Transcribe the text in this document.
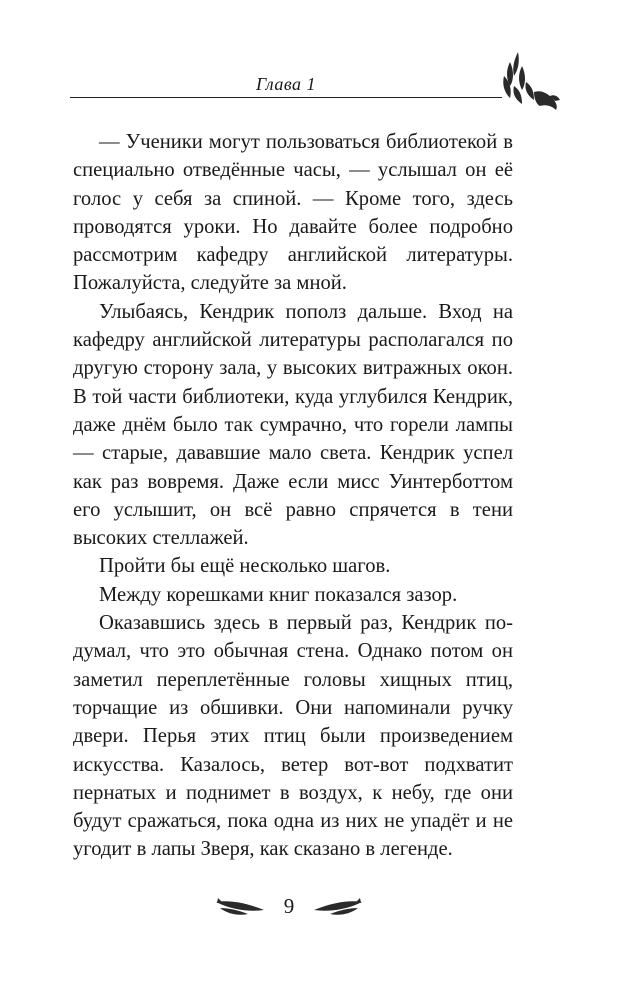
Глава 1

— Ученики могут пользоваться библиотекой в специально отведённые часы, — услышал он её голос у себя за спиной. — Кроме того, здесь проводятся уроки. Но давайте более подробно рассмотрим кафедру английской литературы. Пожалуйста, следуйте за мной.

Улыбаясь, Кендрик пополз дальше. Вход на кафедру английской литературы располагался по другую сторону зала, у высоких витражных окон. В той части библиотеки, куда углубился Кендрик, даже днём было так сумрачно, что горели лампы — старые, дававшие мало света. Кендрик успел как раз вовремя. Даже если мисс Уинтерботтом его услышит, он всё равно спрячется в тени высоких стеллажей.

Пройти бы ещё несколько шагов.

Между корешками книг показался зазор.

Оказавшись здесь в первый раз, Кендрик подумал, что это обычная стена. Однако потом он заметил переплетённые головы хищных птиц, торчащие из обшивки. Они напоминали ручку двери. Перья этих птиц были произведением искусства. Казалось, ветер вот-вот подхватит пернатых и поднимет в воздух, к небу, где они будут сражаться, пока одна из них не упадёт и не угодит в лапы Зверя, как сказано в легенде.

9
